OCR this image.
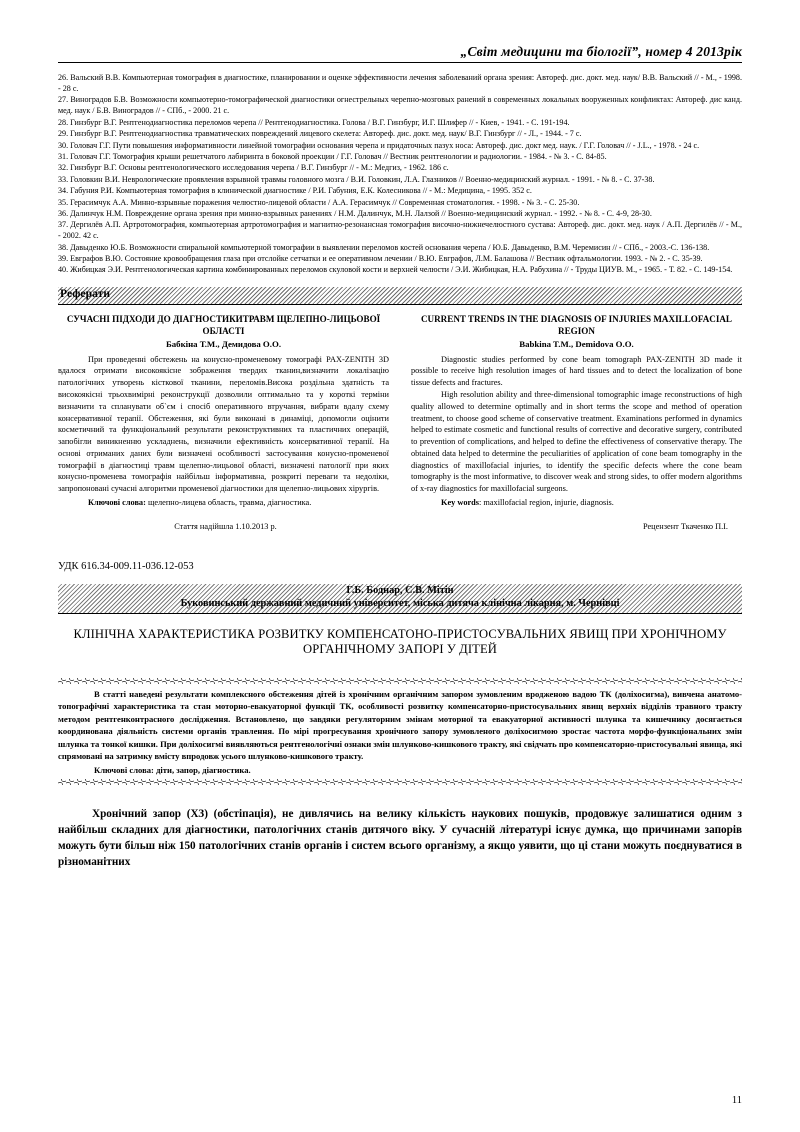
„Світ медицини та біології”, номер 4 2013рік

26. Вальский В.В. Компьютерная томография в диагностике, планировании и оценке эффективности лечения заболеваний органа зрения: Автореф. дис. докт. мед. наук/ В.В. Вальский // - М., - 1998. - 28 с.

27. Виноградов Б.В. Возможности компьютерно-томографической диагностики огнестрельных черепно-мозговых ранений в современных локальных вооруженных конфликтах: Автореф. дис канд. мед. наук / Б.В. Виноградов // - СПб., - 2000. 21 с.

28. Гинзбург В.Г. Рентгенодиагностика переломов черепа // Рентгенодиагностика. Голова / В.Г. Гинзбург, И.Г. Шлифер // - Киев, - 1941. - С. 191-194.

29. Гинзбург В.Г. Рентгенодиагностика травматических повреждений лицевого скелета: Автореф. дис. докт. мед. наук/ В.Г. Гинзбург // - Л., - 1944. - 7 с.

30. Головач Г.Г. Пути повышения информативности линейной томографии основания черепа и придаточных пазух носа: Автореф. дис. докт мед. наук. / Г.Г. Головач // - J.L., - 1978. - 24 с.

31. Головач Г.Г. Томография крыши решетчатого лабиринта в боковой проекции / Г.Г. Головач // Вестник рентгенологии и радиологии. - 1984. - № 3. - С. 84-85.

32. Гинзбург В.Г. Основы рентгенологического исследования черепа / В.Г. Гинзбург // - М.: Медгиз, - 1962. 186 с.

33. Головкин В.И. Неврологические проявления взрывной травмы головного мозга / В.И. Головкин, Л.А. Глазников // Военно-медицинский журнал. - 1991. - № 8. - С. 37-38.

34. Габуния Р.И. Компьютерная томография в клинической диагностике / Р.И. Габуния, Е.К. Колесникова // - М.: Медицина, - 1995. 352 с.

35. Герасимчук А.А. Минно-взрывные поражения челюстно-лицевой области / А.А. Герасимчук // Современная стоматология. - 1998. - № 3. - С. 25-30.

36. Далинчук Н.М. Повреждение органа зрения при минно-взрывных ранениях / Н.М. Далинчук, М.Н. Лалзой // Военно-медицинский журнал. - 1992. - № 8. - С. 4-9, 28-30.

37. Дергилёв А.П. Артротомография, компьютерная артротомография и магнитно-резонансная томография височно-нижнечелюстного сустава: Автореф. дис. докт. мед. наук / А.П. Дергилёв // - М., - 2002. 42 с.

38. Давыденко Ю.Б. Возможности спиральной компьютерной томографии в выявлении переломов костей основания черепа / Ю.Б. Давыденко, В.М. Черемисин // - СПб., - 2003.-С. 136-138.

39. Евграфов В.Ю. Состояние кровообращения глаза при отслойке сетчатки и ее оперативном лечении / В.Ю. Евграфов, Л.М. Балашова // Вестник офтальмологии. 1993. - № 2. - С. 35-39.

40. Жибицкая Э.И. Рентгенологическая картина комбинированных переломов скуловой кости и верхней челюсти / Э.И. Жибицкая, Н.А. Рабухина // - Труды ЦИУВ. М., - 1965. - Т. 82. - С. 149-154.

Реферати

СУЧАСНІ ПІДХОДИ ДО ДІАГНОСТИКИТРАВМ ЩЕЛЕПНО-ЛИЦЬОВОЇ ОБЛАСТІ

Бабкіна Т.М., Демидова О.О.

При проведенні обстежень на конусно-променевому томографі PAX-ZENITH 3D вдалося отримати високоякісне зображення твердих тканин,визначити локалізацію патологічних утворень кісткової тканини, переломів.Висока роздільна здатність та високоякісні трьохвимірні реконструкції дозволили оптимально та у короткі терміни визначити та спланувати об`єм і спосіб оперативного втручання, вибрати вдалу схему консервативної терапії. Обстеження, які були виконані в динаміці, допомогли оцінити косметичний та функціональний результати реконструктивних та пластичних операцій, запобігли виникненню ускладнень, визначили ефективність консервативної терапії. На основі отриманих даних були визначені особливості застосування конусно-променевої томографії в діагностиці травм щелепно-лицьової області, визначені патології при яких конусно-променева томографія найбільш інформативна, розкриті переваги та недоліки, запропоновані сучасні алгоритми променевої діагностики для щелепно-лицьових хірургів.

Ключові слова: щелепно-лицева область, травма, діагностика.

CURRENT TRENDS IN THE DIAGNOSIS OF INJURIES MAXILLOFACIAL REGION

Babkina T.M., Demidova O.O.

Diagnostic studies performed by cone beam tomograph PAX-ZENITH 3D made it possible to receive high resolution images of hard tissues and to detect the localization of bone tissue defects and fractures.

High resolution ability and three-dimensional tomographic image reconstructions of high quality allowed to determine optimally and in short terms the scope and method of operation treatment, to choose good scheme of conservative treatment. Examinations performed in dynamics helped to estimate cosmetic and functional results of corrective and decorative surgery, contributed to prevention of complications, and helped to define the effectiveness of conservative therapy. The obtained data helped to determine the peculiarities of application of cone beam tomography in the diagnostics of maxillofacial injuries, to identify the specific defects where the cone beam tomography is the most informative, to discover weak and strong sides, to offer modern algorithms of x-ray diagnostics for maxillofacial surgeons.

Key words: maxillofacial region, injurie, diagnosis.

Стаття надійшла 1.10.2013 р.	Рецензент Ткаченко П.І.
УДК 616.34-009.11-036.12-053
Г.Б. Боднар, С.В. Мітін
Буковинський державний медичний університет, міська дитяча клінічна лікарня, м. Чернівці
КЛІНІЧНА ХАРАКТЕРИСТИКА РОЗВИТКУ КОМПЕНСАТОНО-ПРИСТОСУВАЛЬНИХ ЯВИЩ ПРИ ХРОНІЧНОМУ ОРГАНІЧНОМУ ЗАПОРІ У ДІТЕЙ

В статті наведені результати комплексного обстеження дітей із хронічним органічним запором зумовленим вродженою вадою ТК (доліхосигма), вивчена анатомо-топографічні характеристика та стан моторно-евакуаторної функції ТК, особливості розвитку компенсаторно-пристосувальних явищ верхніх відділів травного тракту методом рентгенконтрасного дослідження. Встановлено, що завдяки регуляторним змінам моторної та евакуаторної активності шлунка та кишечнику досягається координована діяльність системи органів травлення. По мірі прогресування хронічного запору зумовленого доліхосигмою зростає частота морфо-функціональних змін шлунка та тонкої кишки. При доліхосигмі виявляються рентгенологічні ознаки змін шлунково-кишкового тракту, які свідчать про компенсаторно-пристосувальні явища, які спрямовані на затримку вмісту впродовж усього шлунково-кишкового тракту.

Ключові слова: діти, запор, діагностика.

Хронічний запор (ХЗ) (обстіпація), не дивлячись на велику кількість наукових пошуків, продовжує залишатися одним з найбільш складних для діагностики, патологічних станів дитячого віку. У сучасній літературі існує думка, що причинами запорів можуть бути більш ніж 150 патологічних станів органів і систем всього організму, а якщо уявити, що ці стани можуть поєднуватися в різноманітних

11
